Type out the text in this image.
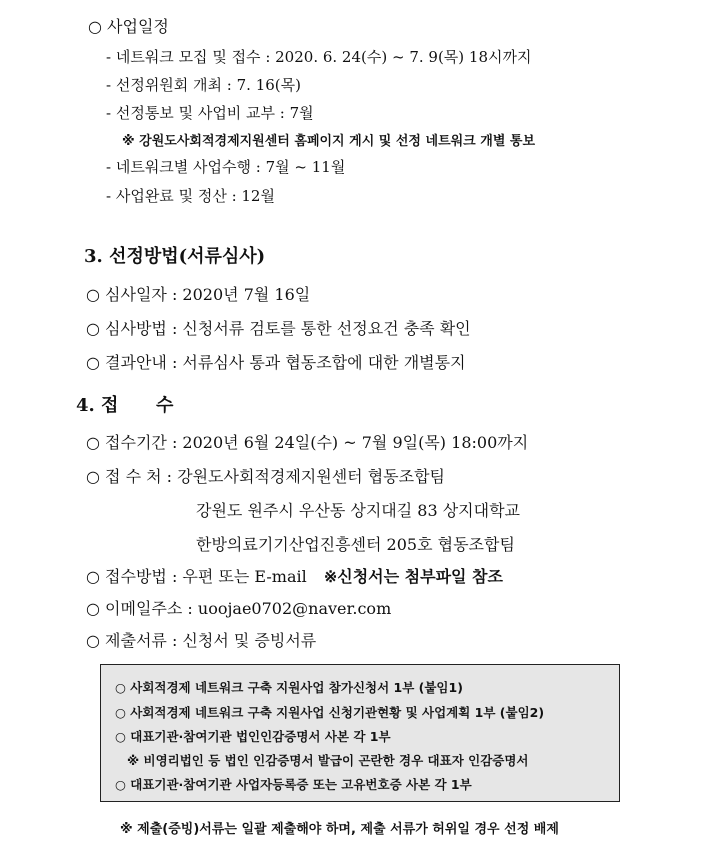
○ 사업일정
- 네트워크 모집 및 접수 : 2020. 6. 24(수) ~ 7. 9(목) 18시까지
- 선정위원회 개최 : 7. 16(목)
- 선정통보 및 사업비 교부 : 7월
※ 강원도사회적경제지원센터 홈페이지 게시 및 선정 네트워크 개별 통보
- 네트워크별 사업수행 : 7월 ~ 11월
- 사업완료 및 정산 : 12월
3. 선정방법(서류심사)
○ 심사일자 : 2020년 7월 16일
○ 심사방법 : 신청서류 검토를 통한 선정요건 충족 확인
○ 결과안내 : 서류심사 통과 협동조합에 대한 개별통지
4. 접      수
○ 접수기간 : 2020년 6월 24일(수) ~ 7월 9일(목) 18:00까지
○ 접 수 처 : 강원도사회적경제지원센터 협동조합팀
강원도 원주시 우산동 상지대길 83 상지대학교
한방의료기기산업진흥센터 205호 협동조합팀
○ 접수방법 : 우편 또는 E-mail ※신청서는 첨부파일 참조
○ 이메일주소 : uoojae0702@naver.com
○ 제출서류 : 신청서 및 증빙서류
○ 사회적경제 네트워크 구축 지원사업 참가신청서 1부 (붙임1)
○ 사회적경제 네트워크 구축 지원사업 신청기관현황 및 사업계획 1부 (붙임2)
○ 대표기관·참여기관 법인인감증명서 사본 각 1부
※ 비영리법인 등 법인 인감증명서 발급이 곤란한 경우 대표자 인감증명서
○ 대표기관·참여기관 사업자등록증 또는 고유번호증 사본 각 1부
※ 제출(증빙)서류는 일괄 제출해야 하며, 제출 서류가 허위일 경우 선정 배제
